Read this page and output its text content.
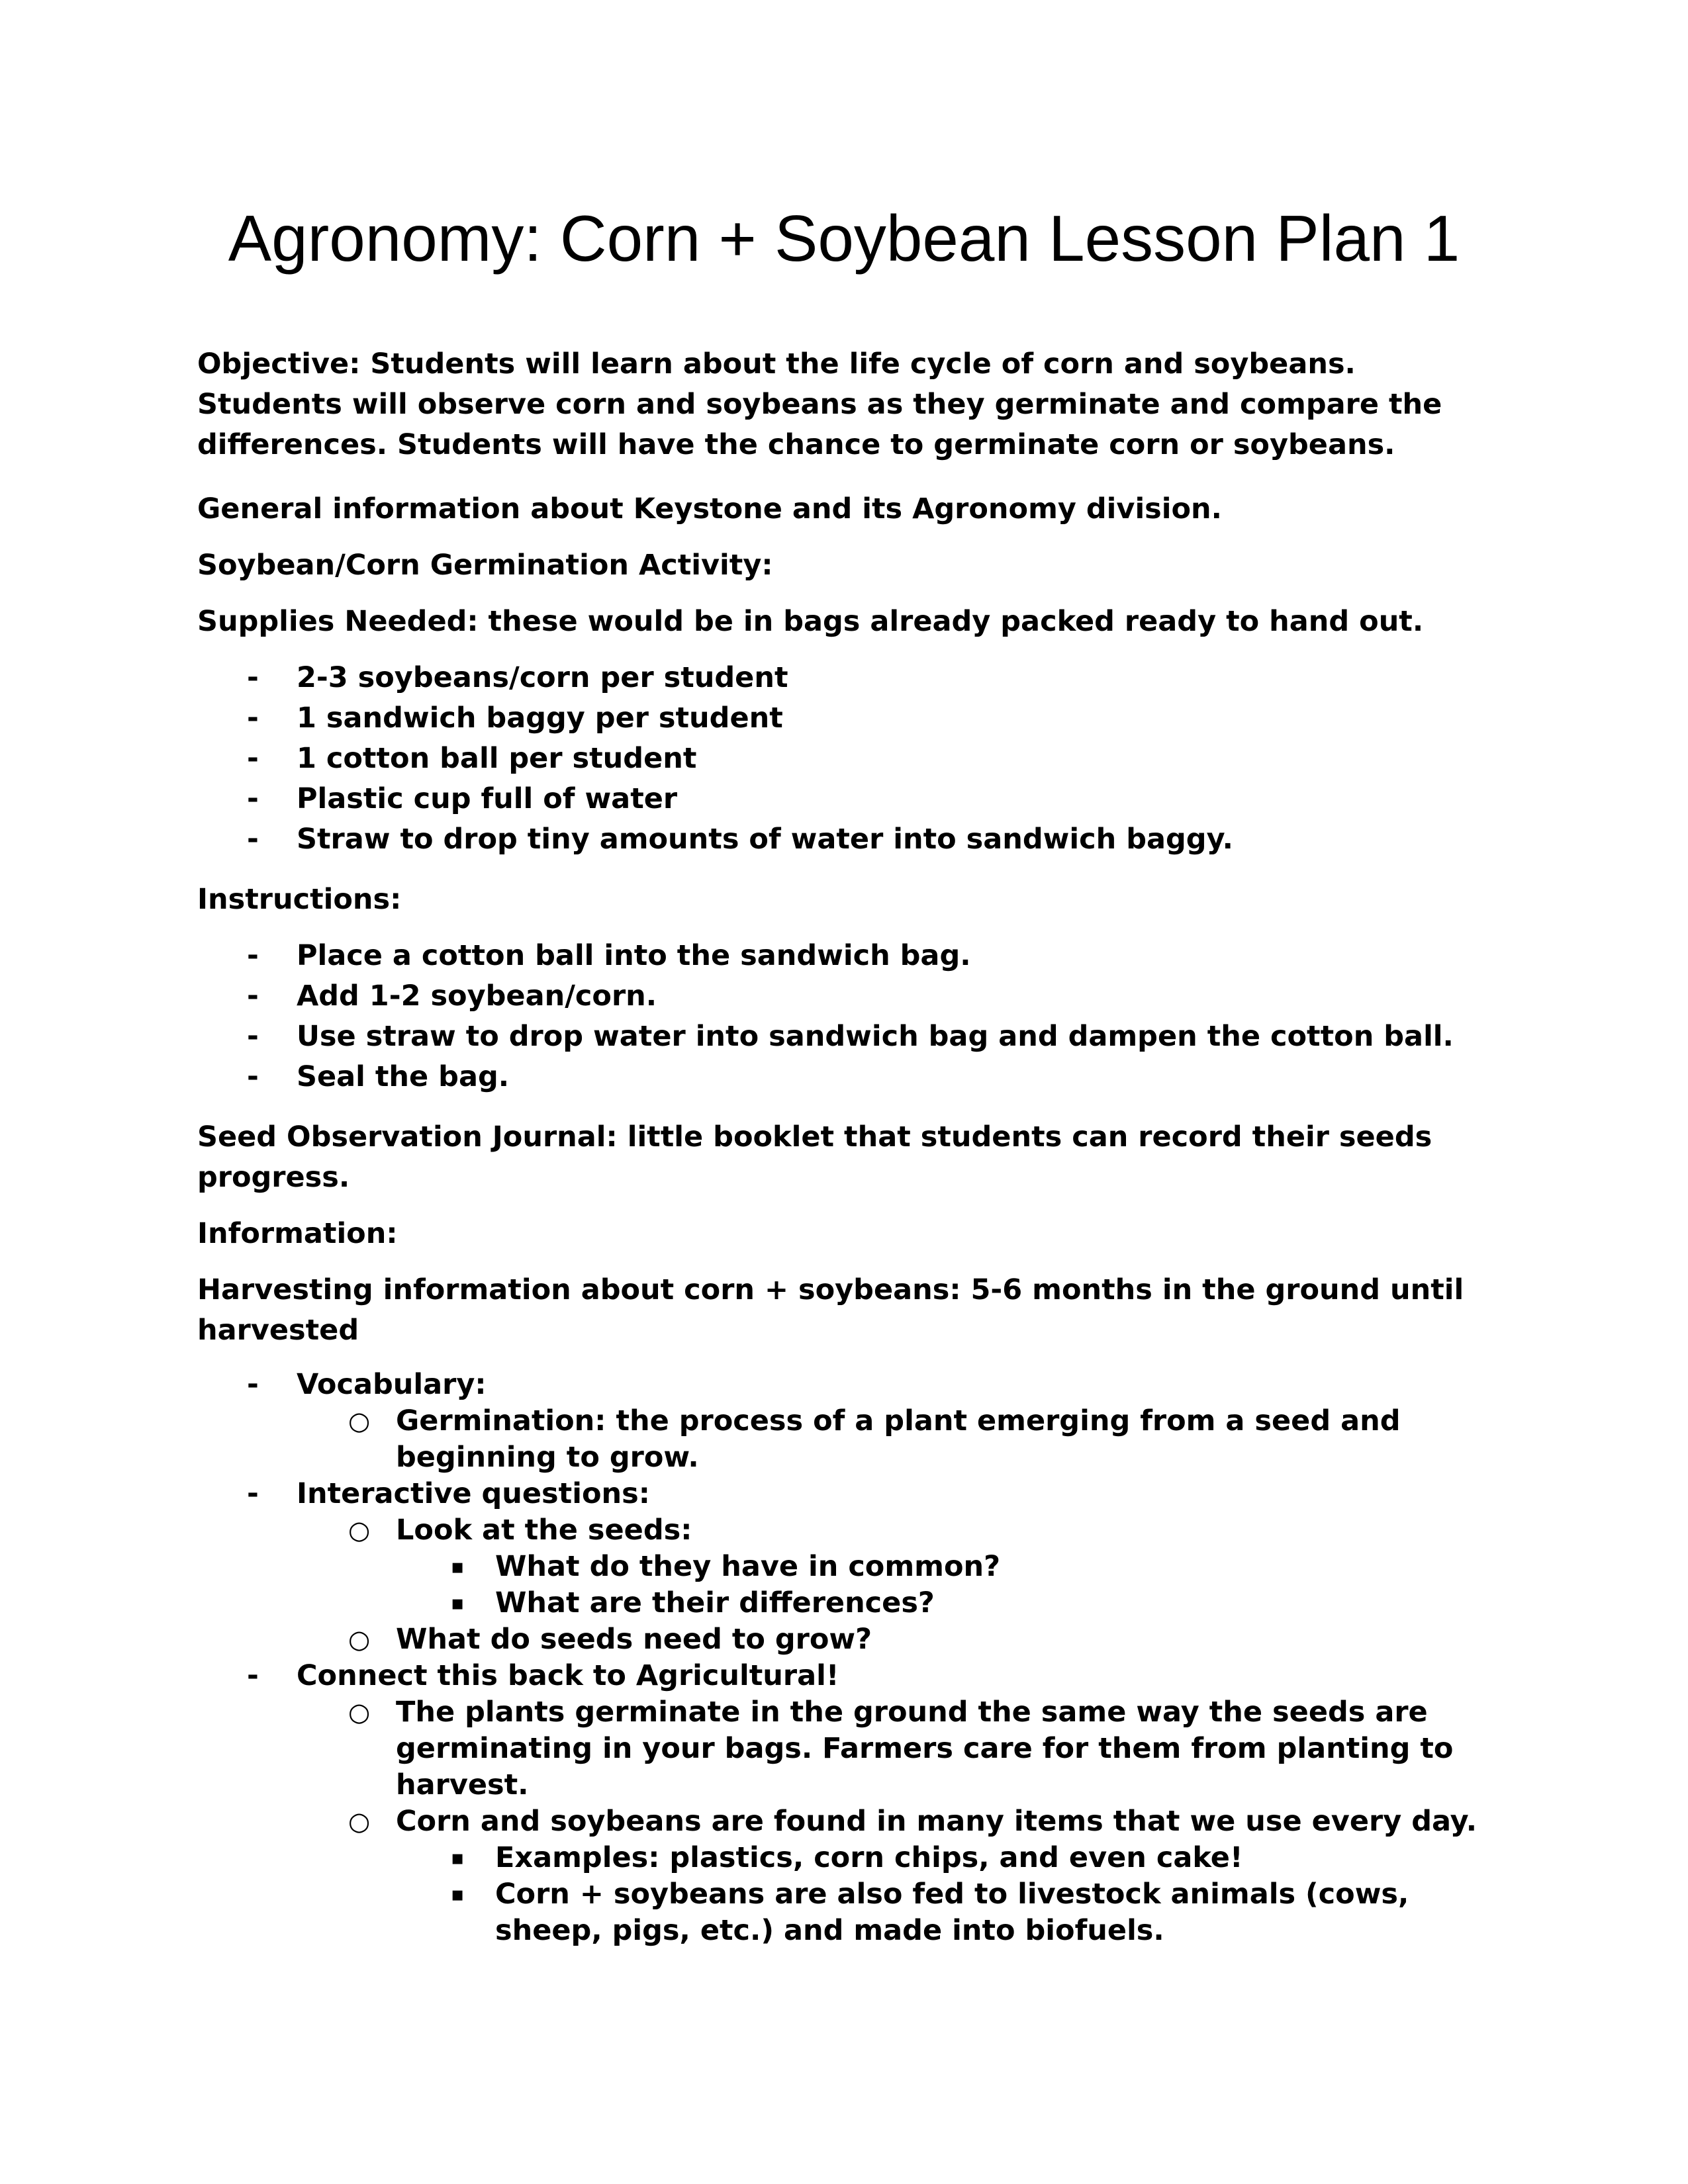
Agronomy: Corn + Soybean Lesson Plan 1

Objective: Students will learn about the life cycle of corn and soybeans. Students will observe corn and soybeans as they germinate and compare the differences. Students will have the chance to germinate corn or soybeans.

General information about Keystone and its Agronomy division.

Soybean/Corn Germination Activity:

Supplies Needed: these would be in bags already packed ready to hand out.

- 2-3 soybeans/corn per student
- 1 sandwich baggy per student
- 1 cotton ball per student
- Plastic cup full of water
- Straw to drop tiny amounts of water into sandwich baggy.

Instructions:

- Place a cotton ball into the sandwich bag.
- Add 1-2 soybean/corn.
- Use straw to drop water into sandwich bag and dampen the cotton ball.
- Seal the bag.

Seed Observation Journal: little booklet that students can record their seeds progress.

Information:

Harvesting information about corn + soybeans: 5-6 months in the ground until harvested

- Vocabulary:
○ Germination: the process of a plant emerging from a seed and beginning to grow.
- Interactive questions:
○ Look at the seeds:
▪ What do they have in common?
▪ What are their differences?
○ What do seeds need to grow?
- Connect this back to Agricultural!
○ The plants germinate in the ground the same way the seeds are germinating in your bags. Farmers care for them from planting to harvest.
○ Corn and soybeans are found in many items that we use every day.
▪ Examples: plastics, corn chips, and even cake!
▪ Corn + soybeans are also fed to livestock animals (cows, sheep, pigs, etc.) and made into biofuels.
